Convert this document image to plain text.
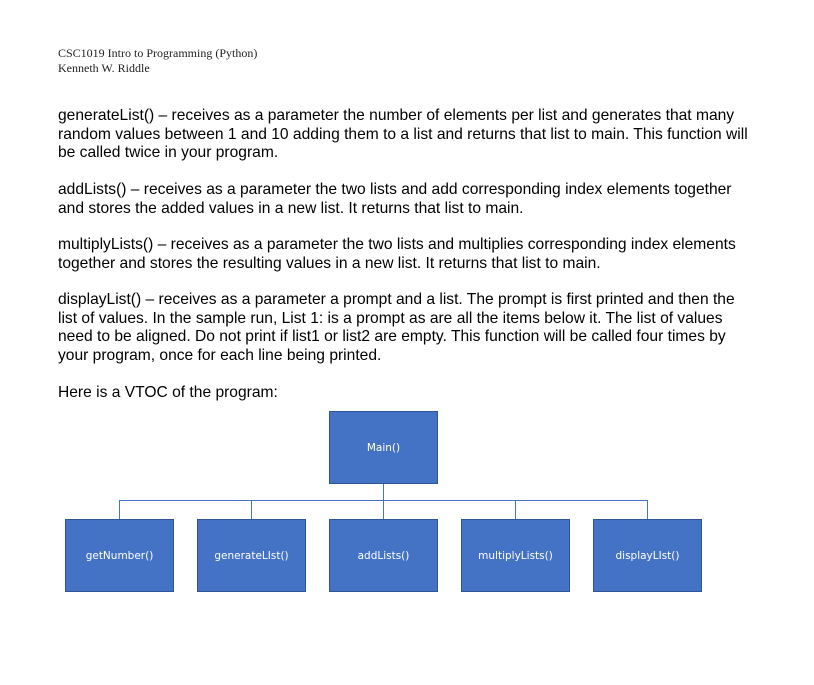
CSC1019 Intro to Programming (Python)
Kenneth W. Riddle

generateList() – receives as a parameter the number of elements per list and generates that many random values between 1 and 10 adding them to a list and returns that list to main. This function will be called twice in your program.

addLists() – receives as a parameter the two lists and add corresponding index elements together and stores the added values in a new list. It returns that list to main.

multiplyLists() – receives as a parameter the two lists and multiplies corresponding index elements together and stores the resulting values in a new list. It returns that list to main.

displayList() – receives as a parameter a prompt and a list. The prompt is first printed and then the list of values. In the sample run, List 1: is a prompt as are all the items below it. The list of values need to be aligned. Do not print if list1 or list2 are empty. This function will be called four times by your program, once for each line being printed.

Here is a VTOC of the program:

Main()
getNumber()	generateLIst()	addLists()	multiplyLists()	displayLIst()
